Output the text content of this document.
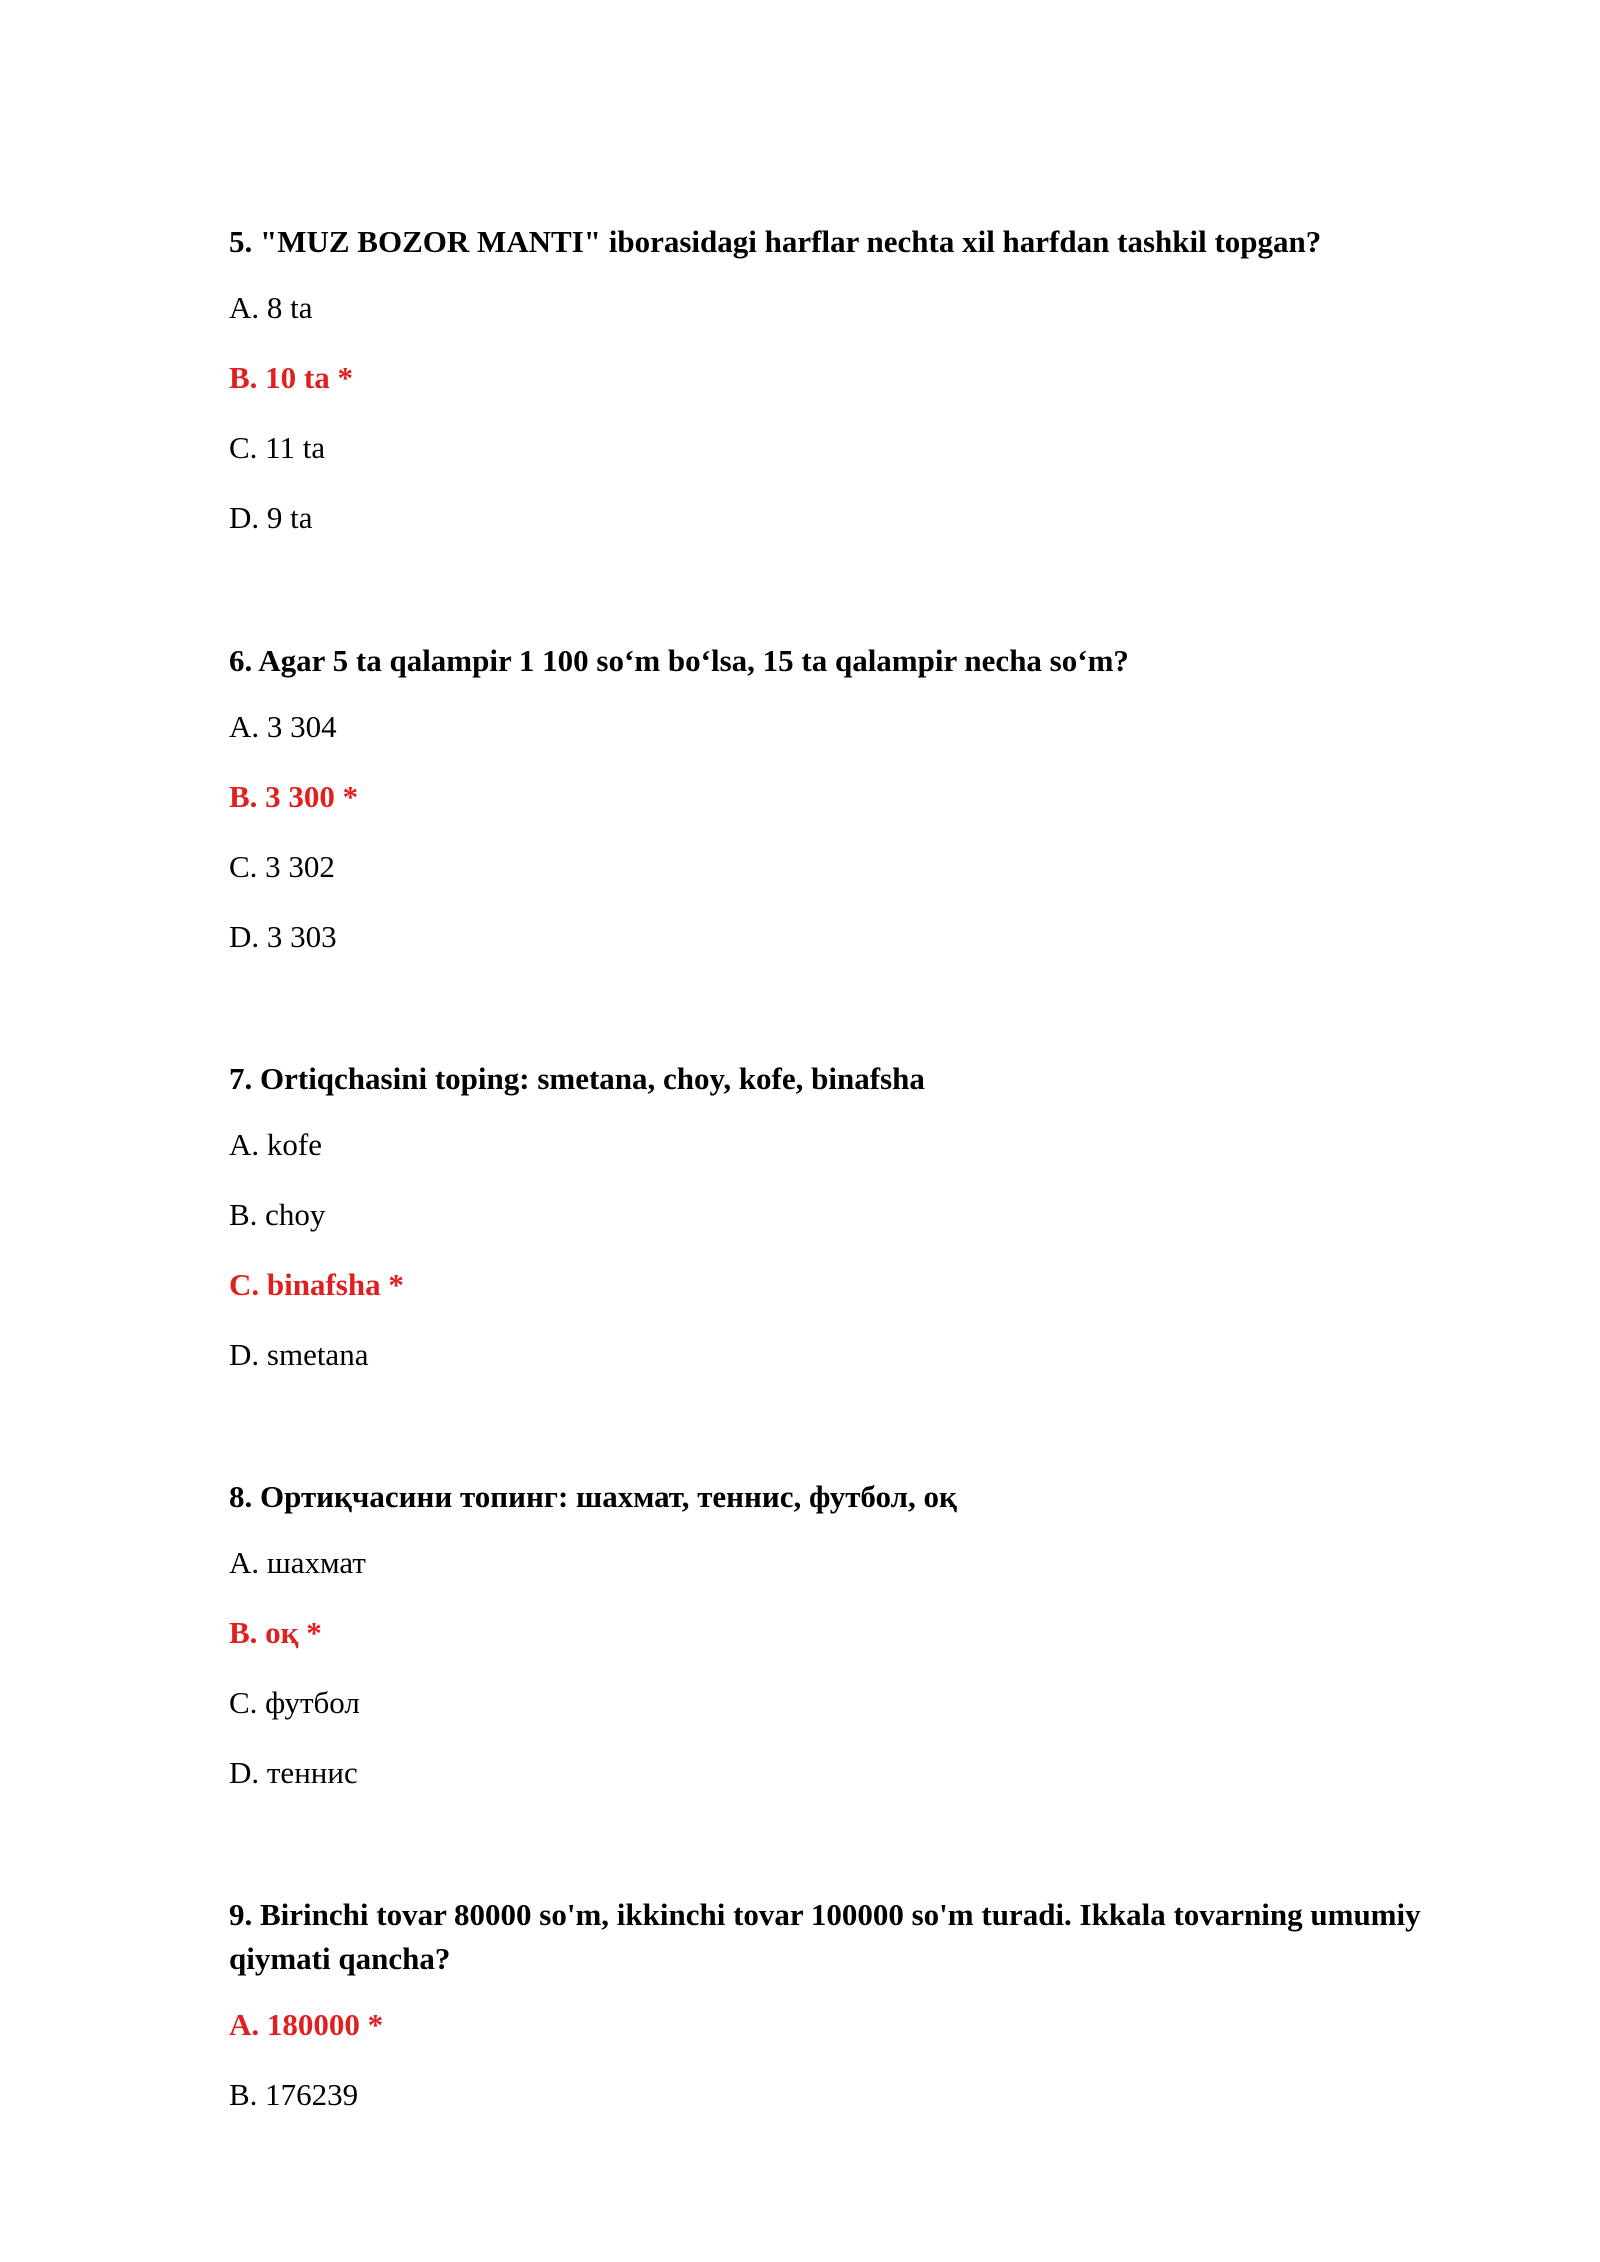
5. "MUZ BOZOR MANTI" iborasidagi harflar nechta xil harfdan tashkil topgan?

A. 8 ta

B. 10 ta *

C. 11 ta

D. 9 ta

6. Agar 5 ta qalampir 1 100 so‘m bo‘lsa, 15 ta qalampir necha so‘m?

A. 3 304

B. 3 300 *

C. 3 302

D. 3 303

7. Ortiqchasini toping: smetana, choy, kofe, binafsha

A. kofe

B. choy

C. binafsha *

D. smetana

8. Ортиқчасини топинг: шахмат, теннис, футбол, оқ

A. шахмат

B. оқ *

C. футбол

D. теннис

9. Birinchi tovar 80000 so'm, ikkinchi tovar 100000 so'm turadi. Ikkala tovarning umumiy qiymati qancha?

A. 180000 *

B. 176239
